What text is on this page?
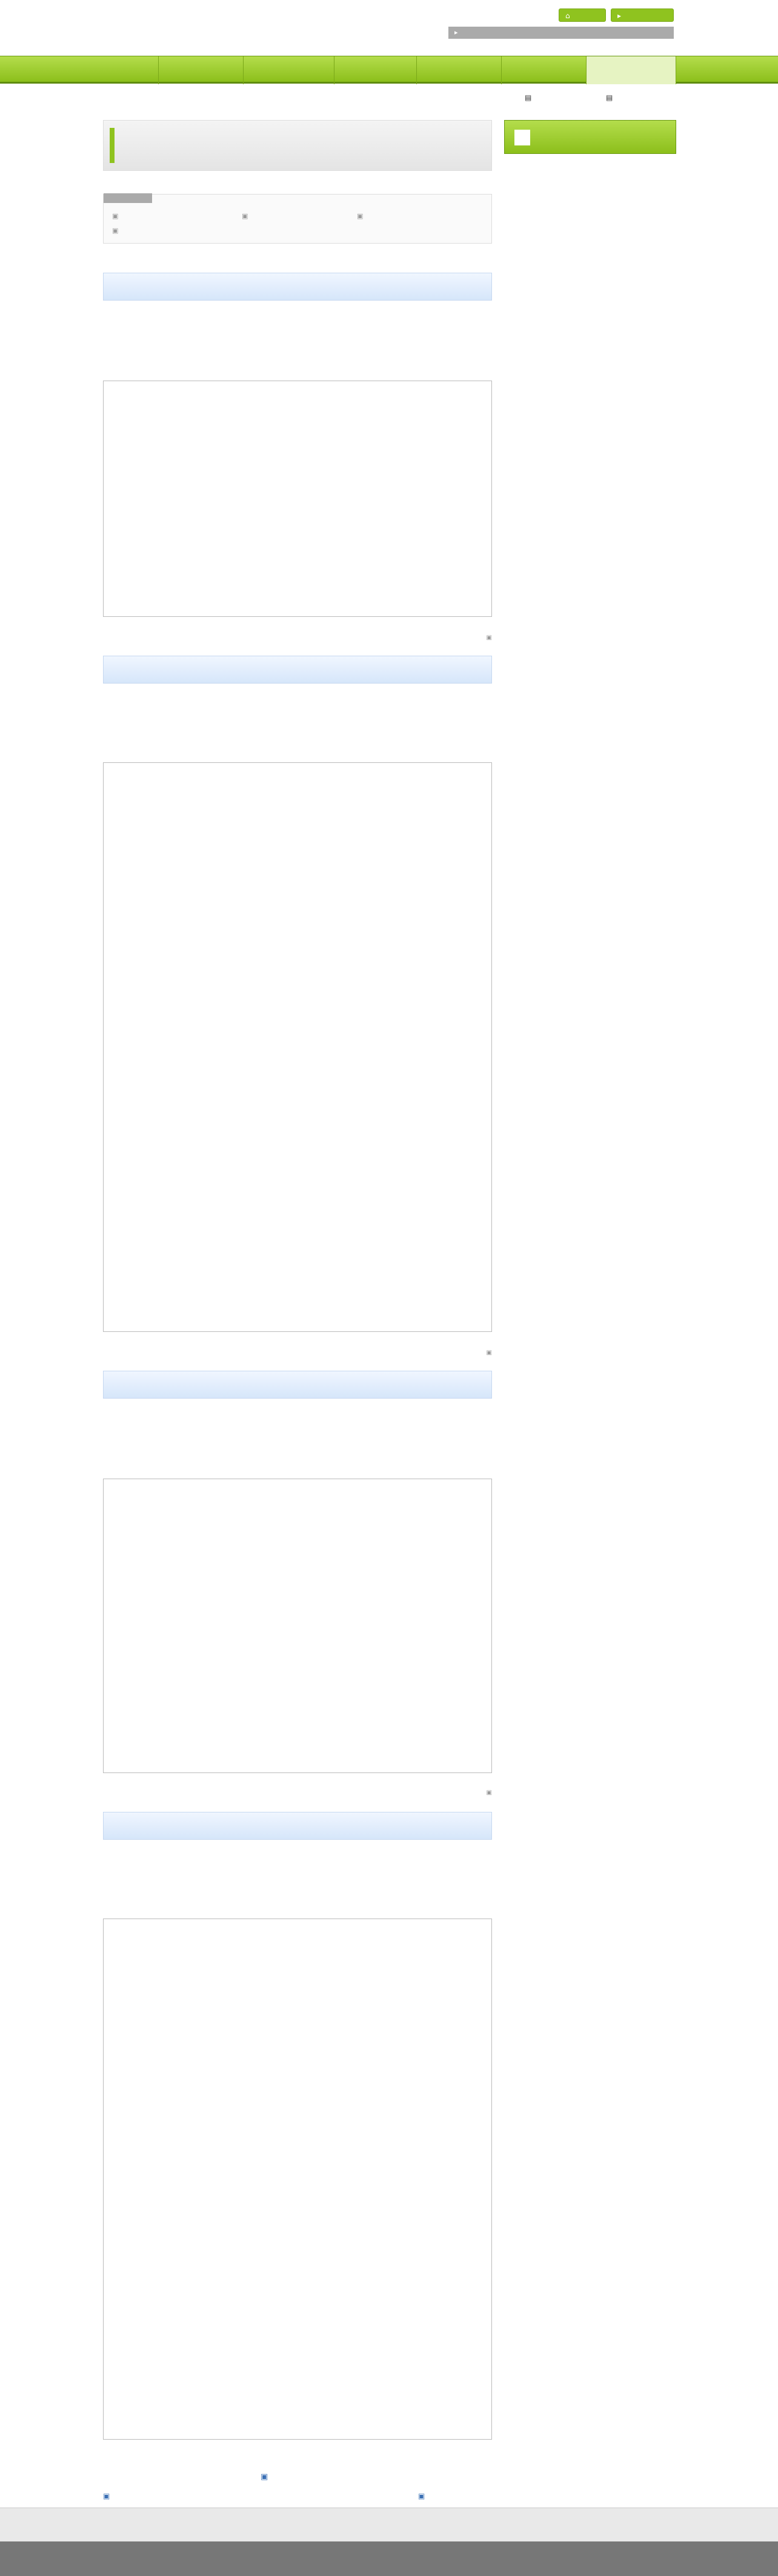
⌂	▸
▸
▤	▤
▣
▣
▣
▣
▣
▣
▣
▣
▣	▣
